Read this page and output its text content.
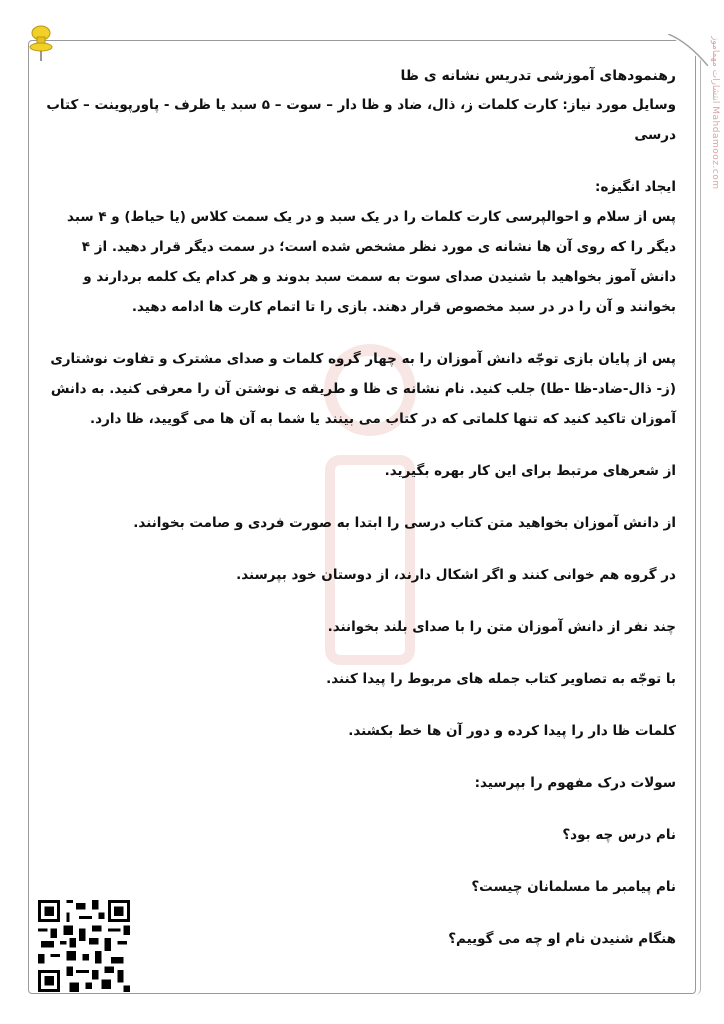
انتشارات مهماموز Mahdamooz.com

رهنمودهای آموزشی تدریس نشانه ی ظا

وسایل مورد نیاز: کارت کلمات ز، ذال، ضاد و ظا دار – سوت – ۵ سبد یا ظرف - پاورپوینت – کتاب درسی

ایجاد انگیزه:

پس از سلام و احوالپرسی کارت کلمات را در یک سبد و در یک سمت کلاس (یا حیاط) و ۴ سبد دیگر را که روی آن ها نشانه ی مورد نظر مشخص شده است؛ در سمت دیگر قرار دهید. از ۴ دانش آموز بخواهید با شنیدن صدای سوت به سمت سبد بدوند و هر کدام یک کلمه بردارند و بخوانند و آن را در در سبد مخصوص قرار دهند. بازی را تا اتمام کارت ها ادامه دهید.

پس از پایان بازی توجّه دانش آموزان را به چهار گروه کلمات و صدای مشترک و تفاوت نوشتاری (ز- ذال-ضاد-ظا -طا) جلب کنید. نام نشانه ی ظا و طریقه ی نوشتن آن را معرفی کنید. به دانش آموزان تاکید کنید که تنها کلماتی که در کتاب می بینند یا شما به آن ها می گویید، ظا دارد.

از شعرهای مرتبط برای این کار بهره بگیرید.

از دانش آموزان بخواهید متن کتاب درسی را ابتدا به صورت فردی و صامت بخوانند.

در گروه هم خوانی کنند و اگر اشکال دارند، از دوستان خود بپرسند.

چند نفر از دانش آموزان متن را با صدای بلند بخوانند.

با توجّه به تصاویر کتاب جمله های مربوط را پیدا کنند.

کلمات ظا دار را پیدا کرده و دور آن ها خط بکشند.

سولات درک مفهوم را بپرسید:

نام درس چه بود؟

نام پیامبر ما مسلمانان چیست؟

هنگام شنیدن نام او چه می گوییم؟
